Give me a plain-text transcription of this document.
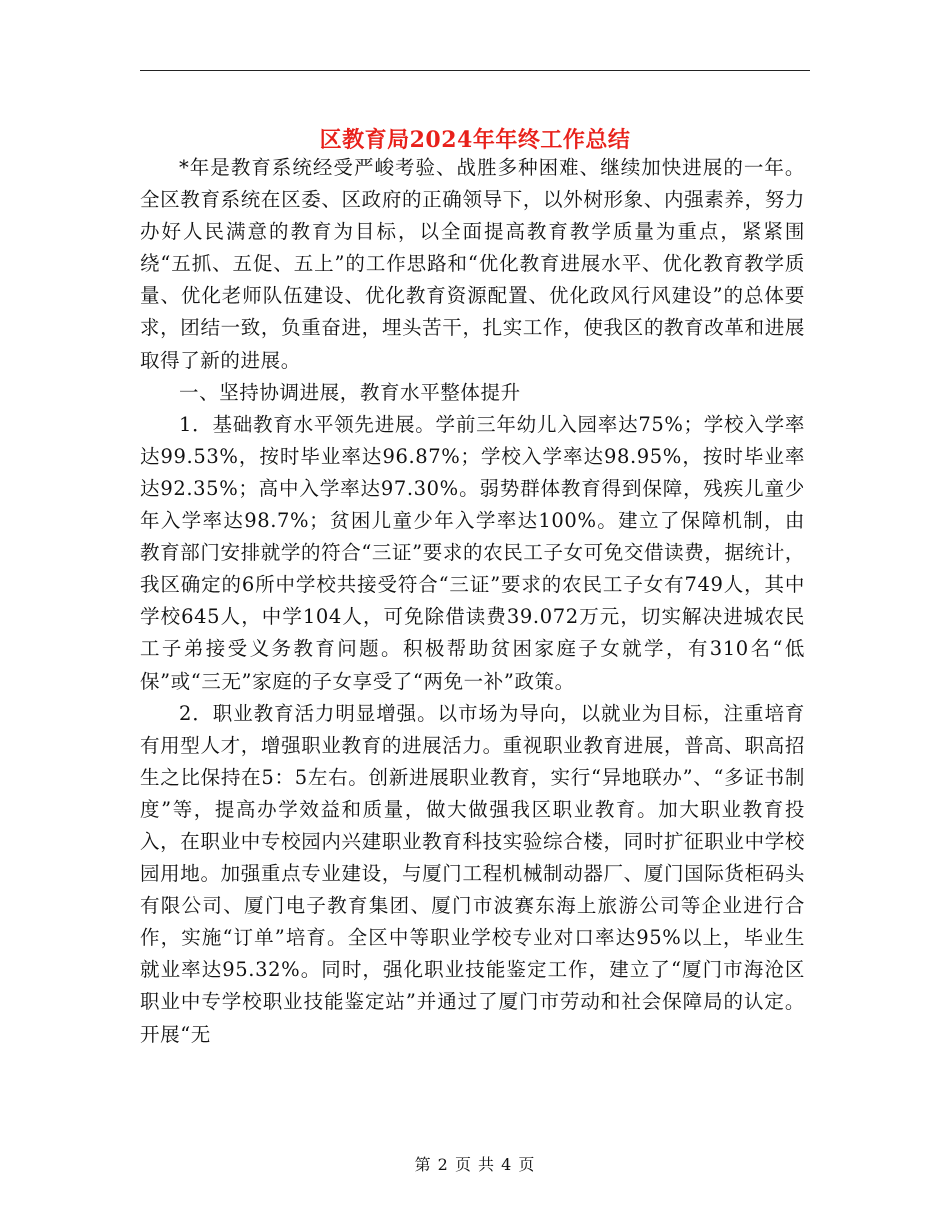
区教育局2024年年终工作总结

*年是教育系统经受严峻考验、战胜多种困难、继续加快进展的一年。全区教育系统在区委、区政府的正确领导下，以外树形象、内强素养，努力办好人民满意的教育为目标，以全面提高教育教学质量为重点，紧紧围绕“五抓、五促、五上”的工作思路和“优化教育进展水平、优化教育教学质量、优化老师队伍建设、优化教育资源配置、优化政风行风建设”的总体要求，团结一致，负重奋进，埋头苦干，扎实工作，使我区的教育改革和进展取得了新的进展。

一、坚持协调进展，教育水平整体提升

1．基础教育水平领先进展。学前三年幼儿入园率达75%；学校入学率达99.53%，按时毕业率达96.87%；学校入学率达98.95%，按时毕业率达92.35%；高中入学率达97.30%。弱势群体教育得到保障，残疾儿童少年入学率达98.7%；贫困儿童少年入学率达100%。建立了保障机制，由教育部门安排就学的符合“三证”要求的农民工子女可免交借读费，据统计，我区确定的6所中学校共接受符合“三证”要求的农民工子女有749人，其中学校645人，中学104人，可免除借读费39.072万元，切实解决进城农民工子弟接受义务教育问题。积极帮助贫困家庭子女就学，有310名“低保”或“三无”家庭的子女享受了“两免一补”政策。

2．职业教育活力明显增强。以市场为导向，以就业为目标，注重培育有用型人才，增强职业教育的进展活力。重视职业教育进展，普高、职高招生之比保持在5：5左右。创新进展职业教育，实行“异地联办”、“多证书制度”等，提高办学效益和质量，做大做强我区职业教育。加大职业教育投入，在职业中专校园内兴建职业教育科技实验综合楼，同时扩征职业中学校园用地。加强重点专业建设，与厦门工程机械制动器厂、厦门国际货柜码头有限公司、厦门电子教育集团、厦门市波赛东海上旅游公司等企业进行合作，实施“订单”培育。全区中等职业学校专业对口率达95%以上，毕业生就业率达95.32%。同时，强化职业技能鉴定工作，建立了“厦门市海沧区职业中专学校职业技能鉴定站”并通过了厦门市劳动和社会保障局的认定。开展“无

第 2 页 共 4 页
